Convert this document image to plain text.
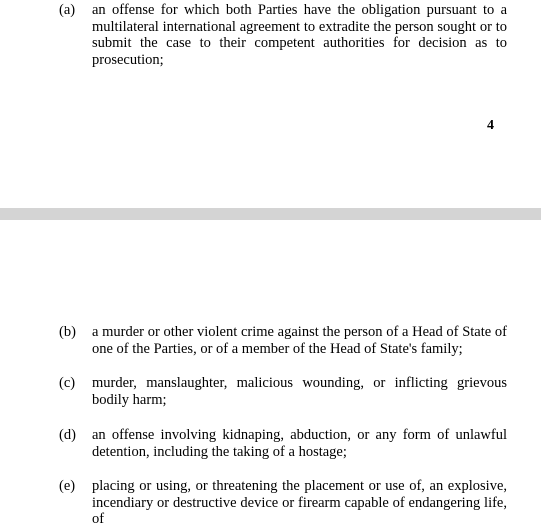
(a)	an offense for which both Parties have the obligation pursuant to a multilateral international agreement to extradite the person sought or to submit the case to their competent authorities for decision as to prosecution;
4
(b)	a murder or other violent crime against the person of a Head of State of one of the Parties, or of a member of the Head of State's family;
(c)	murder, manslaughter, malicious wounding, or inflicting grievous bodily harm;
(d)	an offense involving kidnaping, abduction, or any form of unlawful detention, including the taking of a hostage;
(e)	placing or using, or threatening the placement or use of, an explosive, incendiary or destructive device or firearm capable of endangering life, of
